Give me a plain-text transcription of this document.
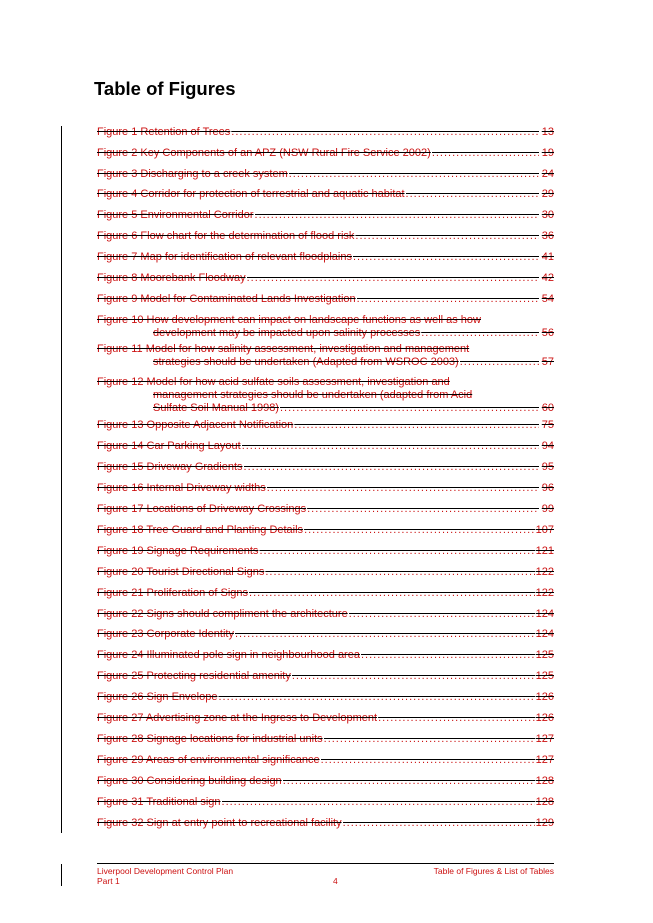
Table of Figures
Figure 1 Retention of Trees .....	13
Figure 2 Key Components of an APZ (NSW Rural Fire Service 2002) .....	19
Figure 3 Discharging to a creek system .....	24
Figure 4 Corridor for protection of terrestrial and aquatic habitat .....	29
Figure 5 Environmental Corridor .....	30
Figure 6 Flow chart for the determination of flood risk .....	36
Figure 7 Map for identification of relevant floodplains .....	41
Figure 8 Moorebank Floodway .....	42
Figure 9 Model for Contaminated Lands Investigation .....	54
Figure 10 How development can impact on landscape functions as well as how
development may be impacted upon salinity processes .....	56
Figure 11 Model for how salinity assessment, investigation and management
strategies should be undertaken (Adapted from WSROC 2003) .....	57
Figure 12 Model for how acid sulfate soils assessment, investigation and
management strategies should be undertaken (adapted from Acid
Sulfate Soil Manual 1998) .....	60
Figure 13 Opposite Adjacent Notification .....	75
Figure 14 Car Parking Layout .....	94
Figure 15 Driveway Gradients .....	95
Figure 16 Internal Driveway widths .....	96
Figure 17 Locations of Driveway Crossings .....	99
Figure 18 Tree Guard and Planting Details .....	107
Figure 19 Signage Requirements .....	121
Figure 20 Tourist Directional Signs .....	122
Figure 21 Proliferation of Signs .....	122
Figure 22 Signs should compliment the architecture .....	124
Figure 23 Corporate Identity .....	124
Figure 24 Illuminated pole sign in neighbourhood area .....	125
Figure 25 Protecting residential amenity .....	125
Figure 26 Sign Envelope .....	126
Figure 27 Advertising zone at the Ingress to Development .....	126
Figure 28 Signage locations for industrial units .....	127
Figure 29 Areas of environmental significance .....	127
Figure 30 Considering building design .....	128
Figure 31 Traditional sign .....	128
Figure 32 Sign at entry point to recreational facility .....	129
Liverpool Development Control Plan	Table of Figures & List of Tables
Part 1	4
